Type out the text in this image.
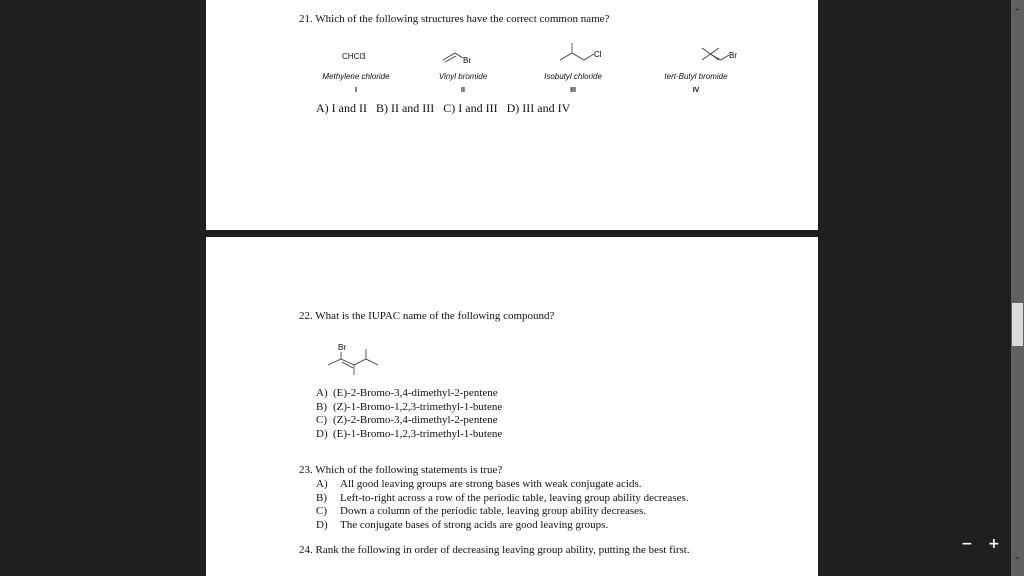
21. Which of the following structures have the correct common name?
CHCl3	Br
Cl	Br
Methylene chloride	Vinyl bromide	Isobutyl chloride	tert-Butyl bromide
I	II	III	IV
A) I and II   B) II and III   C) I and III   D) III and IV
22. What is the IUPAC name of the following compound?
Br
A) (E)-2-Bromo-3,4-dimethyl-2-pentene
B) (Z)-1-Bromo-1,2,3-trimethyl-1-butene
C) (Z)-2-Bromo-3,4-dimethyl-2-pentene
D) (E)-1-Bromo-1,2,3-trimethyl-1-butene
23. Which of the following statements is true?
A) All good leaving groups are strong bases with weak conjugate acids.
B) Left-to-right across a row of the periodic table, leaving group ability decreases.
C) Down a column of the periodic table, leaving group ability decreases.
D) The conjugate bases of strong acids are good leaving groups.
24. Rank the following in order of decreasing leaving group ability, putting the best first.	− +
⌃
⌄
